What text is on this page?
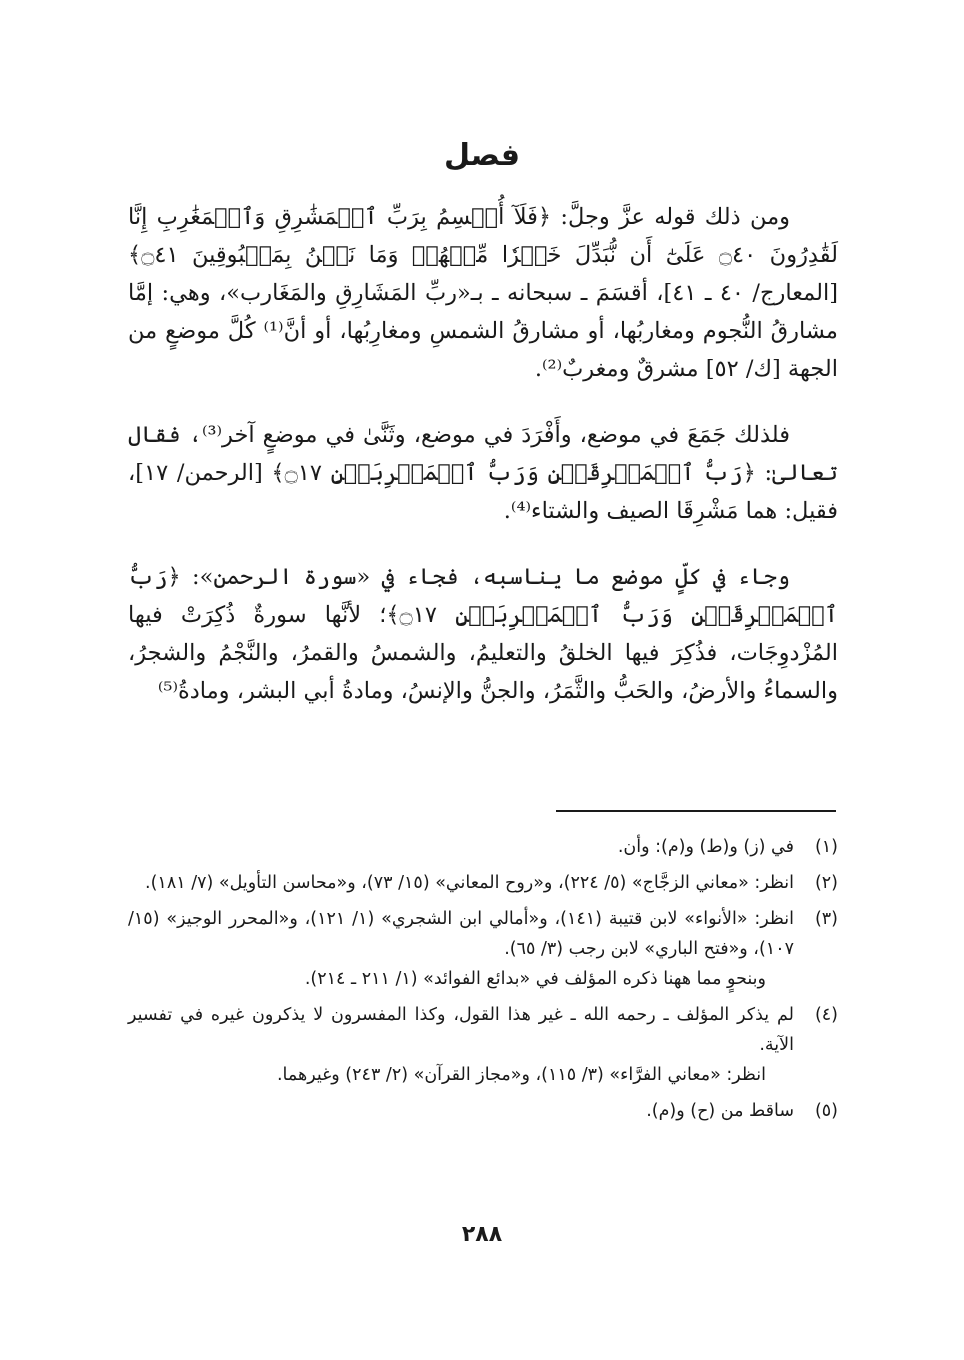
فصل

ومن ذلك قوله عزَّ وجلَّ: ﴿فَلَآ أُقۡسِمُ بِرَبِّ ٱلۡمَشَٰرِقِ وَٱلۡمَغَٰرِبِ إِنَّا لَقَٰدِرُونَ ۝٤٠ عَلَىٰٓ أَن نُّبَدِّلَ خَيۡرٗا مِّنۡهُمۡ وَمَا نَحۡنُ بِمَسۡبُوقِينَ ۝٤١﴾ [المعارج/ ٤٠ ـ ٤١]، أقسَمَ ـ سبحانه ـ بـ«ربِّ المَشَارِقِ والمَغَارب»، وهي: إمَّا مشارقُ النُّجوم ومغاربُها، أو مشارقُ الشمسِ ومغارِبُها، أو أنَّ⁽¹⁾ كُلَّ موضعٍ من الجهة [ك/ ٥٢] مشرقٌ ومغربٌ⁽²⁾.

فلذلك جَمَعَ في موضع، وأَفْرَدَ في موضع، وثَنَّىٰ في موضعٍ آخر⁽³⁾، فقال تعالىٰ: ﴿رَبُّ ٱلۡمَشۡرِقَيۡنِ وَرَبُّ ٱلۡمَغۡرِبَيۡنِ ۝١٧﴾ [الرحمن/ ١٧]، فقيل: هما مَشْرِقَا الصيف والشتاء⁽⁴⁾.

وجاء في كلٍّ موضع ما يناسبه، فجاء في «سورة الرحمن»: ﴿رَبُّ ٱلۡمَشۡرِقَيۡنِ وَرَبُّ ٱلۡمَغۡرِبَيۡنِ ۝١٧﴾؛ لأنَّها سورةٌ ذُكِرَتْ فيها المُزْدوِجَات، فذُكِرَ فيها الخلقُ والتعليمُ، والشمسُ والقمرُ، والنَّجْمُ والشجرُ، والسماءُ والأرضُ، والحَبُّ والثَّمَرُ، والجنُّ والإنسُ، ومادةُ أبي البشر، ومادةُ⁽⁵⁾

(١)
في (ز) و(ط) و(م): وأن.
(٢)
انظر: «معاني الزجَّاج» (٥/ ٢٢٤)، و«روح المعاني» (١٥/ ٧٣)، و«محاسن التأويل» (٧/ ١٨١).
(٣)
انظر: «الأنواء» لابن قتيبة (١٤١)، و«أمالي ابن الشجري» (١/ ١٢١)، و«المحرر الوجيز» (١٥/ ١٠٧)، و«فتح الباري» لابن رجب (٣/ ٦٥).
وبنحوٍ مما ههنا ذكره المؤلف في «بدائع الفوائد» (١/ ٢١١ ـ ٢١٤).
(٤)
لم يذكر المؤلف ـ رحمه الله ـ غير هذا القول، وكذا المفسرون لا يذكرون غيره في تفسير الآية.
انظر: «معاني الفرَّاء» (٣/ ١١٥)، و«مجاز القرآن» (٢/ ٢٤٣) وغيرهما.
(٥)
ساقط من (ح) و(م).
٢٨٨
